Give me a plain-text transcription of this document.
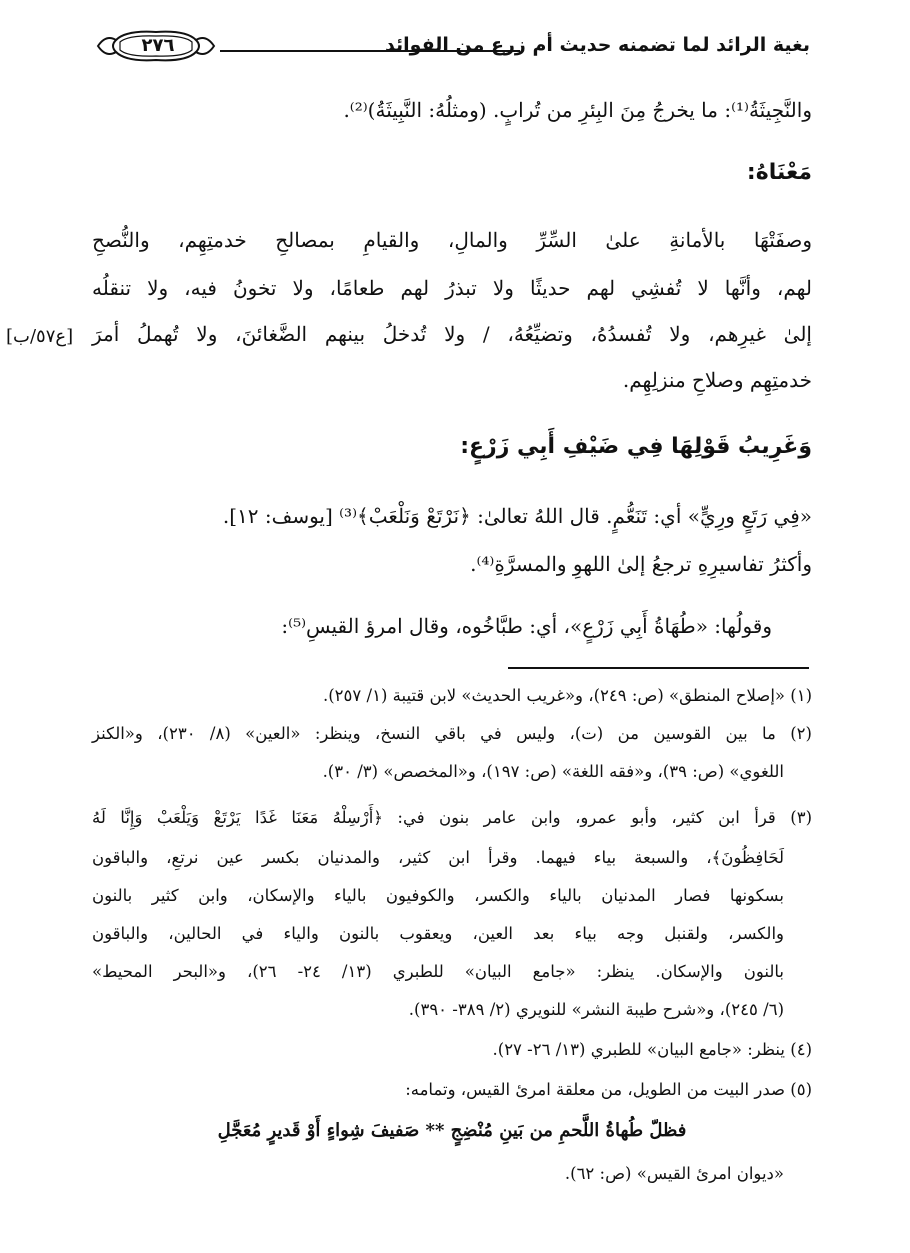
بغية الرائد لما تضمنه حديث أم زرع من الفوائد
٢٧٦
والنَّجِيثَةُ⁽¹⁾: ما يخرجُ مِنَ البِئرِ من تُرابٍ. (ومثلُهُ: النَّبِيثَةُ)⁽²⁾.
مَعْنَاهُ:
وصفَتْهَا بالأمانةِ علىٰ السِّرِّ والمالِ، والقيامِ بمصالحِ خدمتِهِم، والنُّصحِ
لهم، وأنَّها لا تُفشِي لهم حديثًا ولا تبذرُ لهم طعامًا، ولا تخونُ فيه، ولا تنقلُه
إلىٰ غيرِهم، ولا تُفسدُهُ، وتضيِّعُهُ، / ولا تُدخلُ بينهم الضَّغائنَ، ولا تُهملُ أمرَ
خدمتِهِم وصلاحِ منزلِهِم.
وَغَرِيبُ قَوْلِهَا فِي ضَيْفِ أَبِي زَرْعٍ:
«فِي رَتَعٍ ورِيٍّ» أي: تَنَعُّمٍ. قال اللهُ تعالىٰ: ﴿نَرْتَعْ وَنَلْعَبْ﴾⁽³⁾ [يوسف: ١٢].
وأكثرُ تفاسيرِهِ ترجعُ إلىٰ اللهوِ والمسرَّةِ⁽⁴⁾.
وقولُها: «طُهَاةُ أَبِي زَرْعٍ»، أي: طبَّاخُوه، وقال امرؤ القيسِ⁽⁵⁾:
[ع٥٧/ب]
(١) «إصلاح المنطق» (ص: ٢٤٩)، و«غريب الحديث» لابن قتيبة (١/ ٢٥٧).
(٢) ما بين القوسين من (ت)، وليس في باقي النسخ، وينظر: «العين» (٨/ ٢٣٠)، و«الكنز
اللغوي» (ص: ٣٩)، و«فقه اللغة» (ص: ١٩٧)، و«المخصص» (٣/ ٣٠).
(٣) قرأ ابن كثير، وأبو عمرو، وابن عامر بنون في: ﴿أَرْسِلْهُ مَعَنَا غَدًا يَرْتَعْ وَيَلْعَبْ وَإِنَّا لَهُ
لَحَافِظُونَ﴾، والسبعة بياء فيهما. وقرأ ابن كثير، والمدنيان بكسر عين نرتعِ، والباقون
بسكونها فصار المدنيان بالياء والكسر، والكوفيون بالياء والإسكان، وابن كثير بالنون
والكسر، ولقنبل وجه بياء بعد العين، ويعقوب بالنون والياء في الحالين، والباقون
بالنون والإسكان. ينظر: «جامع البيان» للطبري (١٣/ ٢٤- ٢٦)، و«البحر المحيط»
(٦/ ٢٤٥)، و«شرح طيبة النشر» للنويري (٢/ ٣٨٩- ٣٩٠).
(٤) ينظر: «جامع البيان» للطبري (١٣/ ٢٦- ٢٧).
(٥) صدر البيت من الطويل، من معلقة امرئ القيس، وتمامه:
فظلّ طُهاةُ اللَّحمِ من بَينِ مُنْضِجٍ ** صَفيفَ شِواءٍ أَوْ قَديرٍ مُعَجَّلِ
«ديوان امرئ القيس» (ص: ٦٢).
